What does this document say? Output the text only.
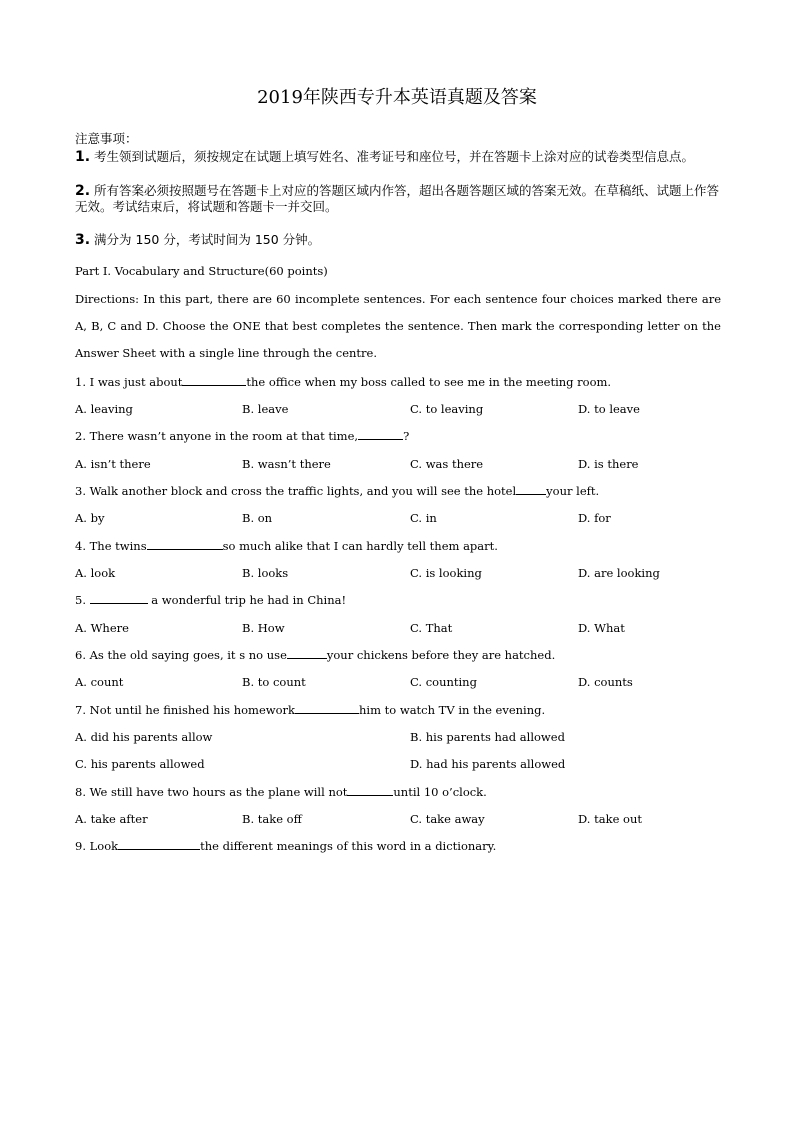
2019年陕西专升本英语真题及答案
注意事项：
1. 考生领到试题后，须按规定在试题上填写姓名、准考证号和座位号，并在答题卡上涂对应的试卷类型信息点。
2. 所有答案必须按照题号在答题卡上对应的答题区域内作答，超出各题答题区域的答案无效。在草稿纸、试题上作答无效。考试结束后，将试题和答题卡一并交回。
3. 满分为 150 分，考试时间为 150 分钟。
Part I. Vocabulary and Structure(60 points)
Directions: In this part, there are 60 incomplete sentences. For each sentence four choices marked there are A, B, C and D. Choose the ONE that best completes the sentence. Then mark the corresponding letter on the Answer Sheet with a single line through the centre.
1. I was just about	the office when my boss called to see me in the meeting room.
A. leaving	B. leave	C. to leaving	D. to leave
2. There wasn’t anyone in the room at that time,	?
A. isn’t there	B. wasn’t there	C. was there	D. is there
3. Walk another block and cross the traffic lights, and you will see the hotel	your left.
A. by	B. on	C. in	D. for
4. The twins	so much alike that I can hardly tell them apart.
A. look	B. looks	C. is looking	D. are looking
5.	a wonderful trip he had in China!
A. Where	B. How	C. That	D. What
6. As the old saying goes, it s no use	your chickens before they are hatched.
A. count	B. to count	C. counting	D. counts
7. Not until he finished his homework	him to watch TV in the evening.
A. did his parents allow	B. his parents had allowed
C. his parents allowed	D. had his parents allowed
8. We still have two hours as the plane will not	until 10 o’clock.
A. take after	B. take off	C. take away	D. take out
9. Look	the different meanings of this word in a dictionary.
